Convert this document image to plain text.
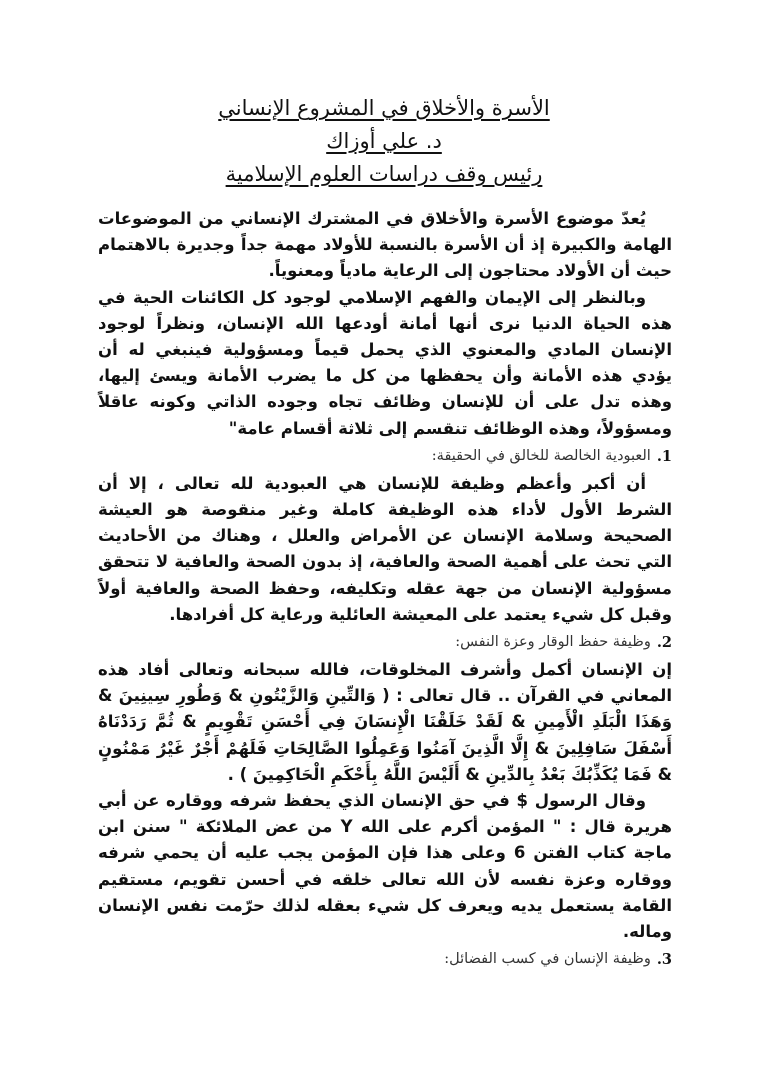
الأسرة والأخلاق في المشروع الإنساني
د. علي أوزاك
رئيس وقف دراسات العلوم الإسلامية

يُعدّ موضوع الأسرة والأخلاق في المشترك الإنساني من الموضوعات الهامة والكبيرة إذ أن الأسرة بالنسبة للأولاد مهمة جداً وجديرة بالاهتمام حيث أن الأولاد محتاجون إلى الرعاية مادياً ومعنوياً.

وبالنظر إلى الإيمان والفهم الإسلامي لوجود كل الكائنات الحية في هذه الحياة الدنيا نرى أنها أمانة أودعها الله الإنسان، ونظراً لوجود الإنسان المادي والمعنوي الذي يحمل قيماً ومسؤولية فينبغي له أن يؤدي هذه الأمانة وأن يحفظها من كل ما يضرب الأمانة ويسئ إليها، وهذه تدل على أن للإنسان وظائف تجاه وجوده الذاتي وكونه عاقلاً ومسؤولاً، وهذه الوظائف تنقسم إلى ثلاثة أقسام عامة"

1.
العبودية الخالصة للخالق في الحقيقة:

أن أكبر وأعظم وظيفة للإنسان هي العبودية لله تعالى ، إلا أن الشرط الأول لأداء هذه الوظيفة كاملة وغير منقوصة هو العيشة الصحيحة وسلامة الإنسان عن الأمراض والعلل ، وهناك من الأحاديث التي تحث على أهمية الصحة والعافية، إذ بدون الصحة والعافية لا تتحقق مسؤولية الإنسان من جهة عقله وتكليفه، وحفظ الصحة والعافية أولاً وقبل كل شيء يعتمد على المعيشة العائلية ورعاية كل أفرادها.

2.
وظيفة حفظ الوقار وعزة النفس:

إن الإنسان أكمل وأشرف المخلوقات، فالله سبحانه وتعالى أفاد هذه المعاني في القرآن .. قال تعالى : ( وَالتِّينِ وَالزَّيْتُونِ & وَطُورِ سِينِينَ & وَهَذَا الْبَلَدِ الْأَمِينِ & لَقَدْ خَلَقْنَا الْإِنسَانَ فِي أَحْسَنِ تَقْوِيمٍ & ثُمَّ رَدَدْنَاهُ أَسْفَلَ سَافِلِينَ & إِلَّا الَّذِينَ آمَنُوا وَعَمِلُوا الصَّالِحَاتِ فَلَهُمْ أَجْرٌ غَيْرُ مَمْنُونٍ & فَمَا يُكَذِّبُكَ بَعْدُ بِالدِّينِ & أَلَيْسَ اللَّهُ بِأَحْكَمِ الْحَاكِمِينَ ) .

وقال الرسول $ في حق الإنسان الذي يحفظ شرفه ووقاره عن أبي هريرة قال : " المؤمن أكرم على الله Y من عض الملائكة " سنن ابن ماجة كتاب الفتن 6 وعلى هذا فإن المؤمن يجب عليه أن يحمي شرفه ووقاره وعزة نفسه لأن الله تعالى خلقه في أحسن تقويم، مستقيم القامة يستعمل يديه ويعرف كل شيء بعقله لذلك حرّمت نفس الإنسان وماله.

3.
وظيفة الإنسان في كسب الفضائل:
